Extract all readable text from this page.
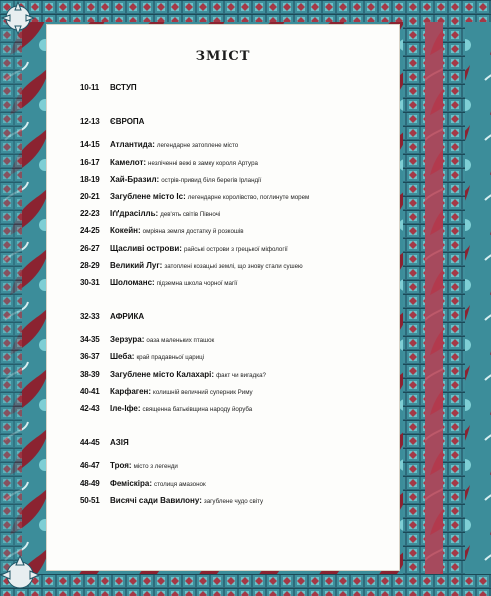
ЗМІСТ
10-11	ВСТУП
12-13	ЄВРОПА
14-15	Атлантида: легендарне затоплене місто
16-17	Камелот: незліченні вежі в замку короля Артура
18-19	Хай-Бразил: острів-привид біля берегів Ірландії
20-21	Загублене місто Іс: легендарне королівство, поглинуте морем
22-23	Іґґдрасілль: дев'ять світів Півночі
24-25	Кокейн: омріяна земля достатку й розкошів
26-27	Щасливі острови: райські острови з грецької міфології
28-29	Великий Луг: затоплені козацькі землі, що знову стали сушею
30-31	Шоломанс: підземна школа чорної магії
32-33	АФРИКА
34-35	Зерзура: оаза маленьких пташок
36-37	Шеба: край прадавньої цариці
38-39	Загублене місто Калахарі: факт чи вигадка?
40-41	Карфаген: колишній величний суперник Риму
42-43	Іле-Іфе: священна батьківщина народу йоруба
44-45	АЗІЯ
46-47	Троя: місто з легенди
48-49	Феміскіра: столиця амазонок
50-51	Висячі сади Вавилону: загублене чудо світу
